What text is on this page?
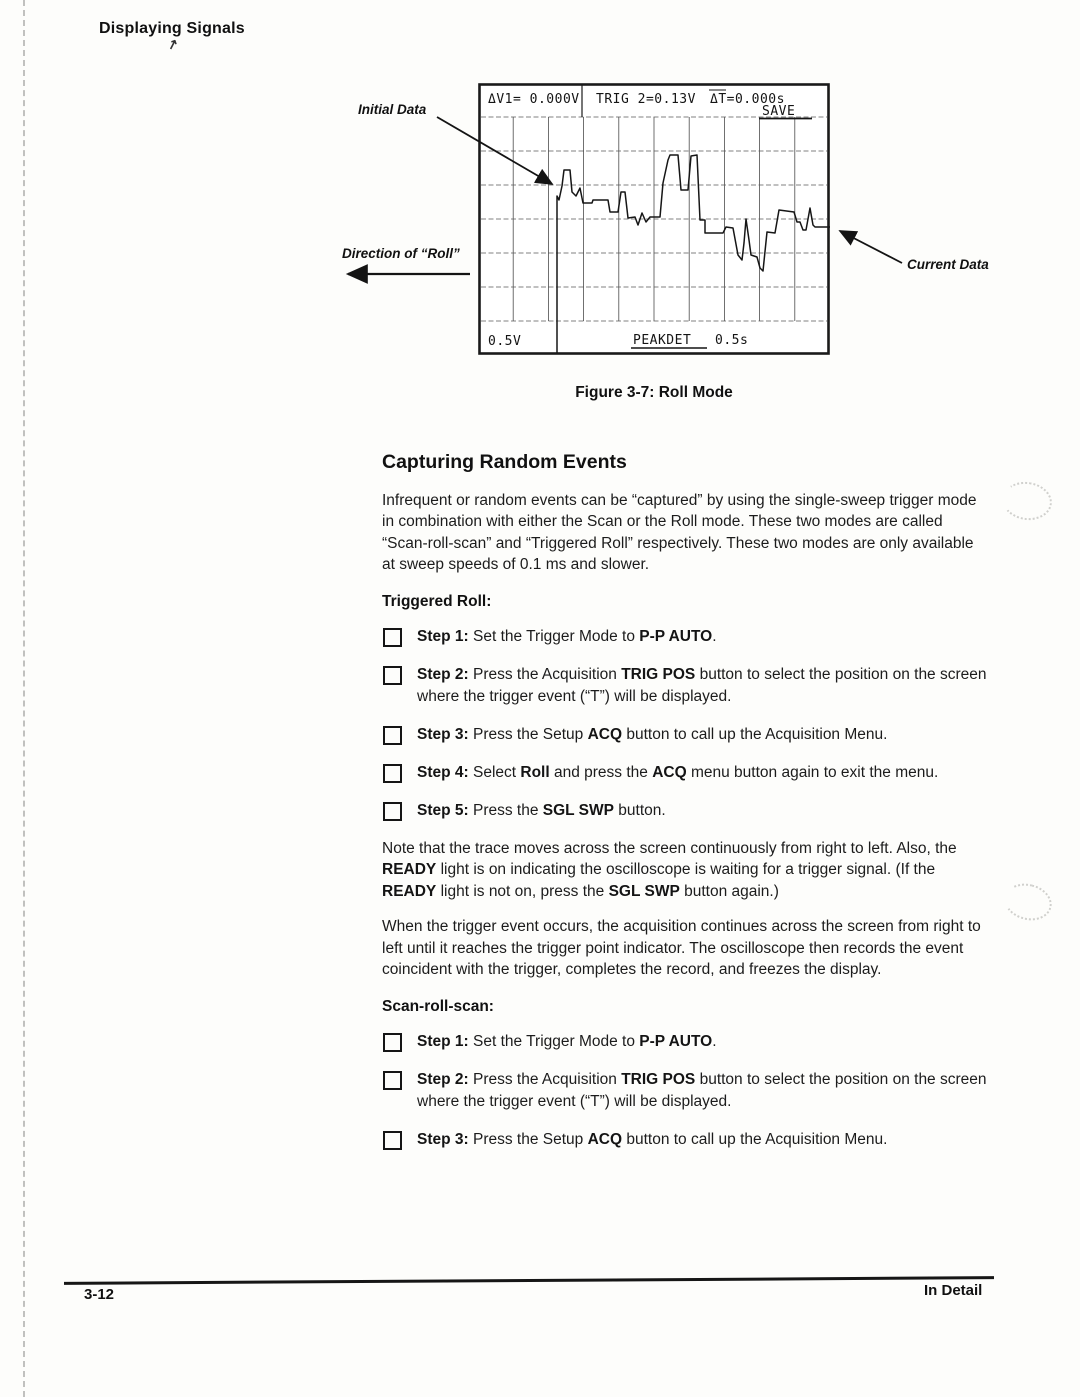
Displaying Signals
↗
ΔV1= 0.000V TRIG 2=0.13V ΔT=0.000s
SAVE
0.5V	PEAKDET 0.5s
Initial Data
Direction of “Roll”
Current Data
Figure 3-7: Roll Mode
Capturing Random Events

Infrequent or random events can be “captured” by using the single-sweep trigger mode in combination with either the Scan or the Roll mode. These two modes are called “Scan-roll-scan” and “Triggered Roll” respectively. These two modes are only available at sweep speeds of 0.1 ms and slower.

Triggered Roll:
Step 1: Set the Trigger Mode to P-P AUTO.
Step 2: Press the Acquisition TRIG POS button to select the position on the screen where the trigger event (“T”) will be displayed.
Step 3: Press the Setup ACQ button to call up the Acquisition Menu.
Step 4: Select Roll and press the ACQ menu button again to exit the menu.
Step 5: Press the SGL SWP button.

Note that the trace moves across the screen continuously from right to left. Also, the READY light is on indicating the oscilloscope is waiting for a trigger signal. (If the READY light is not on, press the SGL SWP button again.)

When the trigger event occurs, the acquisition continues across the screen from right to left until it reaches the trigger point indicator. The oscilloscope then records the event coincident with the trigger, completes the record, and freezes the display.

Scan-roll-scan:
Step 1: Set the Trigger Mode to P-P AUTO.
Step 2: Press the Acquisition TRIG POS button to select the position on the screen where the trigger event (“T”) will be displayed.
Step 3: Press the Setup ACQ button to call up the Acquisition Menu.
3-12	In Detail
